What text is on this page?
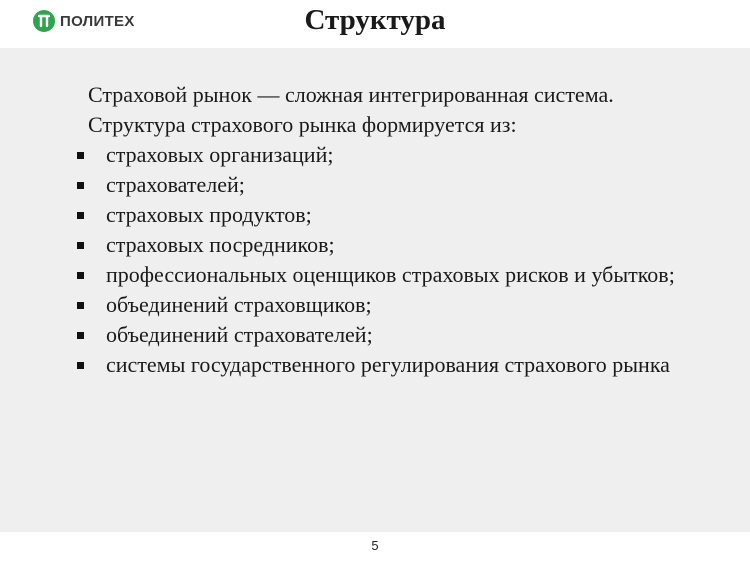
ПОЛИТЕХ	Структура

Страховой рынок — сложная интегрированная система.

Структура страхового рынка формируется из:

страховых организаций;
страхователей;
страховых продуктов;
страховых посредников;
профессиональных оценщиков страховых рисков и убытков;
объединений страховщиков;
объединений страхователей;
системы государственного регулирования страхового рынка
5
